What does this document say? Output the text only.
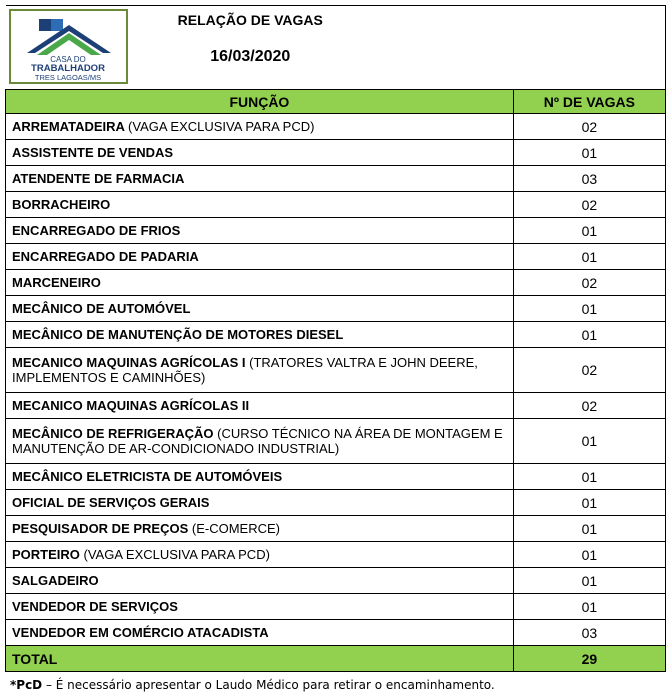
CASA DO
TRABALHADOR
TRES LAGOAS/MS
RELAÇÃO DE VAGAS
16/03/2020	

FUNÇÃO	Nº DE VAGAS
ARREMATADEIRA (VAGA EXCLUSIVA PARA PCD)	02
ASSISTENTE DE VENDAS	01
ATENDENTE DE FARMACIA	03
BORRACHEIRO	02
ENCARREGADO DE FRIOS	01
ENCARREGADO DE PADARIA	01
MARCENEIRO	02
MECÂNICO DE AUTOMÓVEL	01
MECÂNICO DE MANUTENÇÃO DE MOTORES DIESEL	01
MECANICO MAQUINAS AGRÍCOLAS I (TRATORES VALTRA E JOHN DEERE, IMPLEMENTOS E CAMINHÕES)	02
MECANICO MAQUINAS AGRÍCOLAS II	02
MECÂNICO DE REFRIGERAÇÃO (CURSO TÉCNICO NA ÁREA DE MONTAGEM E MANUTENÇÃO DE AR-CONDICIONADO INDUSTRIAL)	01
MECÂNICO ELETRICISTA DE AUTOMÓVEIS	01
OFICIAL DE SERVIÇOS GERAIS	01
PESQUISADOR DE PREÇOS (E-COMERCE)	01
PORTEIRO (VAGA EXCLUSIVA PARA PCD)	01
SALGADEIRO	01
VENDEDOR DE SERVIÇOS	01
VENDEDOR EM COMÉRCIO ATACADISTA	03
TOTAL	29
*PcD – É necessário apresentar o Laudo Médico para retirar o encaminhamento.
